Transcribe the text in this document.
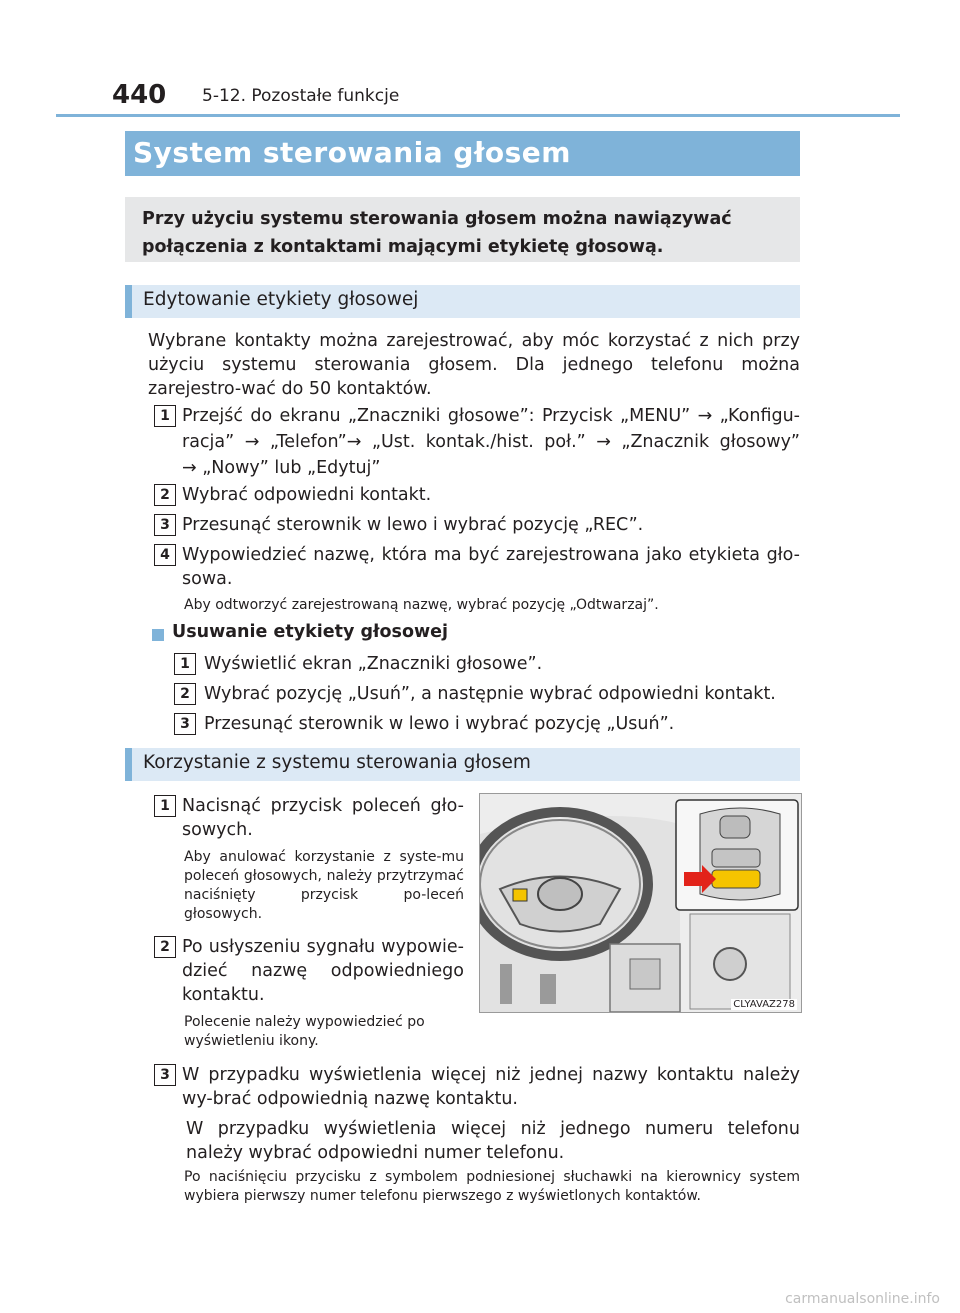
440 5-12. Pozostałe funkcje
System sterowania głosem
Przy użyciu systemu sterowania głosem można nawiązywać połączenia z kontaktami mającymi etykietę głosową.
Edytowanie etykiety głosowej
Wybrane kontakty można zarejestrować, aby móc korzystać z nich przy użyciu systemu sterowania głosem. Dla jednego telefonu można zarejestro-wać do 50 kontaktów.
1 Przejść do ekranu „Znaczniki głosowe”: Przycisk „MENU” → „Konfigu-
racja” → „Telefon”→ „Ust. kontak./hist. poł.” → „Znacznik głosowy”
→ „Nowy” lub „Edytuj”
2 Wybrać odpowiedni kontakt.
3 Przesunąć sterownik w lewo i wybrać pozycję „REC”.
4 Wypowiedzieć nazwę, która ma być zarejestrowana jako etykieta gło-sowa.
Aby odtworzyć zarejestrowaną nazwę, wybrać pozycję „Odtwarzaj”.
Usuwanie etykiety głosowej
1 Wyświetlić ekran „Znaczniki głosowe”.
2 Wybrać pozycję „Usuń”, a następnie wybrać odpowiedni kontakt.
3 Przesunąć sterownik w lewo i wybrać pozycję „Usuń”.
Korzystanie z systemu sterowania głosem
1 Nacisnąć przycisk poleceń gło-sowych.
Aby anulować korzystanie z syste-mu poleceń głosowych, należy przytrzymać naciśnięty przycisk po-leceń głosowych.
2 Po usłyszeniu sygnału wypowie-dzieć nazwę odpowiedniego kontaktu.
Polecenie należy wypowiedzieć po wyświetleniu ikony.
CLYAVAZ278
3 W przypadku wyświetlenia więcej niż jednej nazwy kontaktu należy wy-brać odpowiednią nazwę kontaktu.
W przypadku wyświetlenia więcej niż jednego numeru telefonu należy wybrać odpowiedni numer telefonu.
Po naciśnięciu przycisku z symbolem podniesionej słuchawki na kierownicy system wybiera pierwszy numer telefonu pierwszego z wyświetlonych kontaktów.
carmanualsonline.info
